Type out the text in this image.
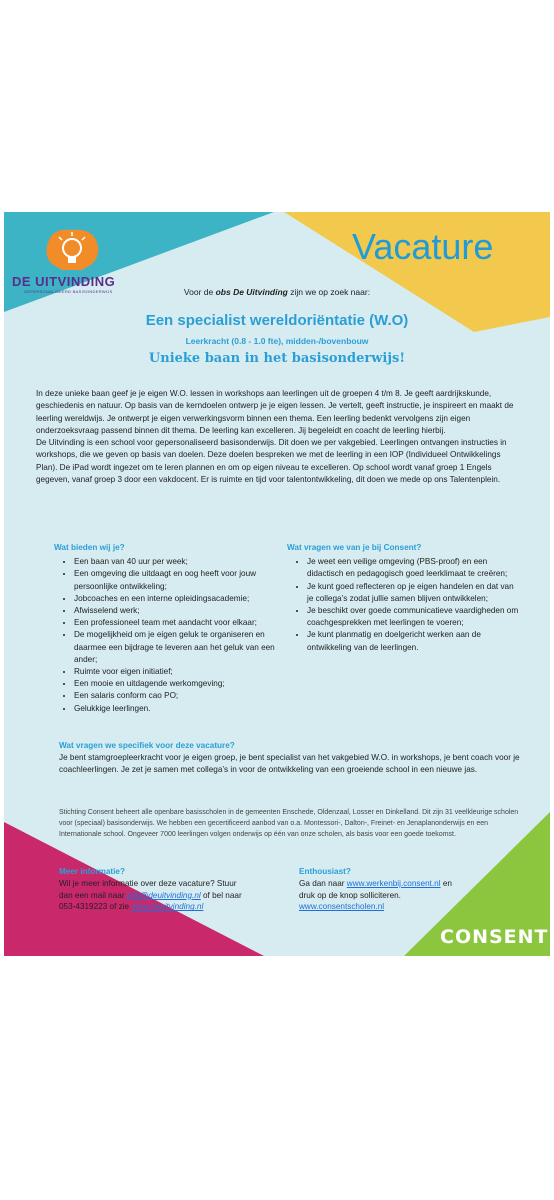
DE UITVINDING
GEPERSONALISEERD BASISONDERWIJS
Vacature
Voor de obs De Uitvinding zijn we op zoek naar:
Een specialist wereldoriëntatie (W.O)
Leerkracht (0.8 - 1.0 fte), midden-/bovenbouw
Unieke baan in het basisonderwijs!

In deze unieke baan geef je je eigen W.O. lessen in workshops aan leerlingen uit de groepen 4 t/m 8. Je geeft aardrijkskunde, geschiedenis en natuur. Op basis van de kerndoelen ontwerp je je eigen lessen. Je vertelt, geeft instructie, je inspireert en maakt de leerling wereldwijs. Je ontwerpt je eigen verwerkingsvorm binnen een thema. Een leerling bedenkt vervolgens zijn eigen onderzoeksvraag passend binnen dit thema. De leerling kan excelleren. Jij begeleidt en coacht de leerling hierbij.

De Uitvinding is een school voor gepersonaliseerd basisonderwijs. Dit doen we per vakgebied. Leerlingen ontvangen instructies in workshops, die we geven op basis van doelen. Deze doelen bespreken we met de leerling in een IOP (Individueel Ontwikkelings Plan). De iPad wordt ingezet om te leren plannen en om op eigen niveau te excelleren. Op school wordt vanaf groep 1 Engels gegeven, vanaf groep 3 door een vakdocent. Er is ruimte en tijd voor talentontwikkeling, dit doen we mede op ons Talentenplein.

Wat bieden wij je?
• Een baan van 40 uur per week;
• Een omgeving die uitdaagt en oog heeft voor jouw persoonlijke ontwikkeling;
• Jobcoaches en een interne opleidingsacademie;
• Afwisselend werk;
• Een professioneel team met aandacht voor elkaar;
• De mogelijkheid om je eigen geluk te organiseren en daarmee een bijdrage te leveren aan het geluk van een ander;
• Ruimte voor eigen initiatief;
• Een mooie en uitdagende werkomgeving;
• Een salaris conform cao PO;
• Gelukkige leerlingen.
Wat vragen we van je bij Consent?
• Je weet een veilige omgeving (PBS-proof) en een didactisch en pedagogisch goed leerklimaat te creëren;
• Je kunt goed reflecteren op je eigen handelen en dat van je collega’s zodat jullie samen blijven ontwikkelen;
• Je beschikt over goede communicatieve vaardigheden om coachgesprekken met leerlingen te voeren;
• Je kunt planmatig en doelgericht werken aan de ontwikkeling van de leerlingen.
Wat vragen we specifiek voor deze vacature?
Je bent stamgroepleerkracht voor je eigen groep, je bent specialist van het vakgebied W.O. in workshops, je bent coach voor je coachleerlingen. Je zet je samen met collega’s in voor de ontwikkeling van een groeiende school in een nieuwe jas.
Stichting Consent beheert alle openbare basisscholen in de gemeenten Enschede, Oldenzaal, Losser en Dinkelland. Dit zijn 31 veelkleurige scholen voor (speciaal) basisonderwijs. We hebben een gecertificeerd aanbod van o.a. Montessori-, Dalton-, Freinet- en Jenaplanonderwijs en een Internationale school. Ongeveer 7000 leerlingen volgen onderwijs op één van onze scholen, als basis voor een goede toekomst.
Meer informatie?
Wil je meer informatie over deze vacature? Stuur
dan een mail naar info@deuitvinding.nl of bel naar
053-4319223 of zie www.deuitvinding.nl
Enthousiast?
Ga dan naar www.werkenbij.consent.nl en
druk op de knop solliciteren.
www.consentscholen.nl
CONSENT
